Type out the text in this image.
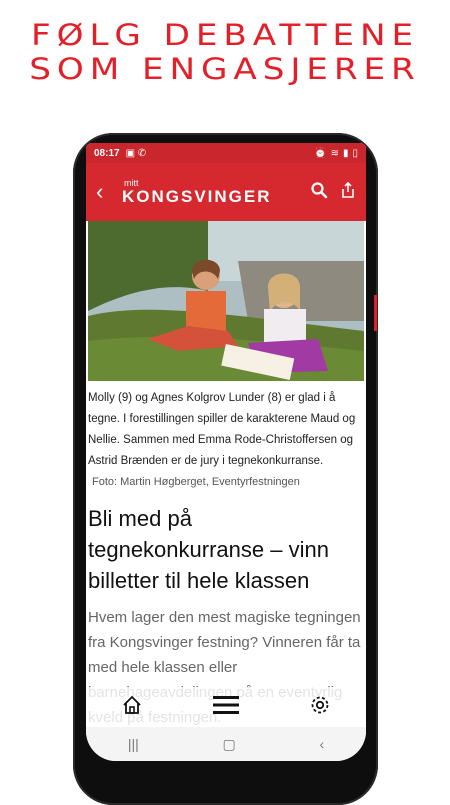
FØLG DEBATTENE
SOM ENGASJERER
08:17 ▣ ✆	⏰ ≋ ▮ ▯
‹	mitt
KONGSVINGER
Molly (9) og Agnes Kolgrov Lunder (8) er glad i å tegne. I forestillingen spiller de karakterene Maud og Nellie. Sammen med Emma Rode-Christoffersen og Astrid Brænden er de jury i tegnekonkurranse.
Foto: Martin Høgberget, Eventyrfestningen
Bli med på tegnekonkurranse – vinn billetter til hele klassen
Hvem lager den mest magiske tegningen fra Kongsvinger festning? Vinneren får ta med hele klassen eller
|||	▢	‹
